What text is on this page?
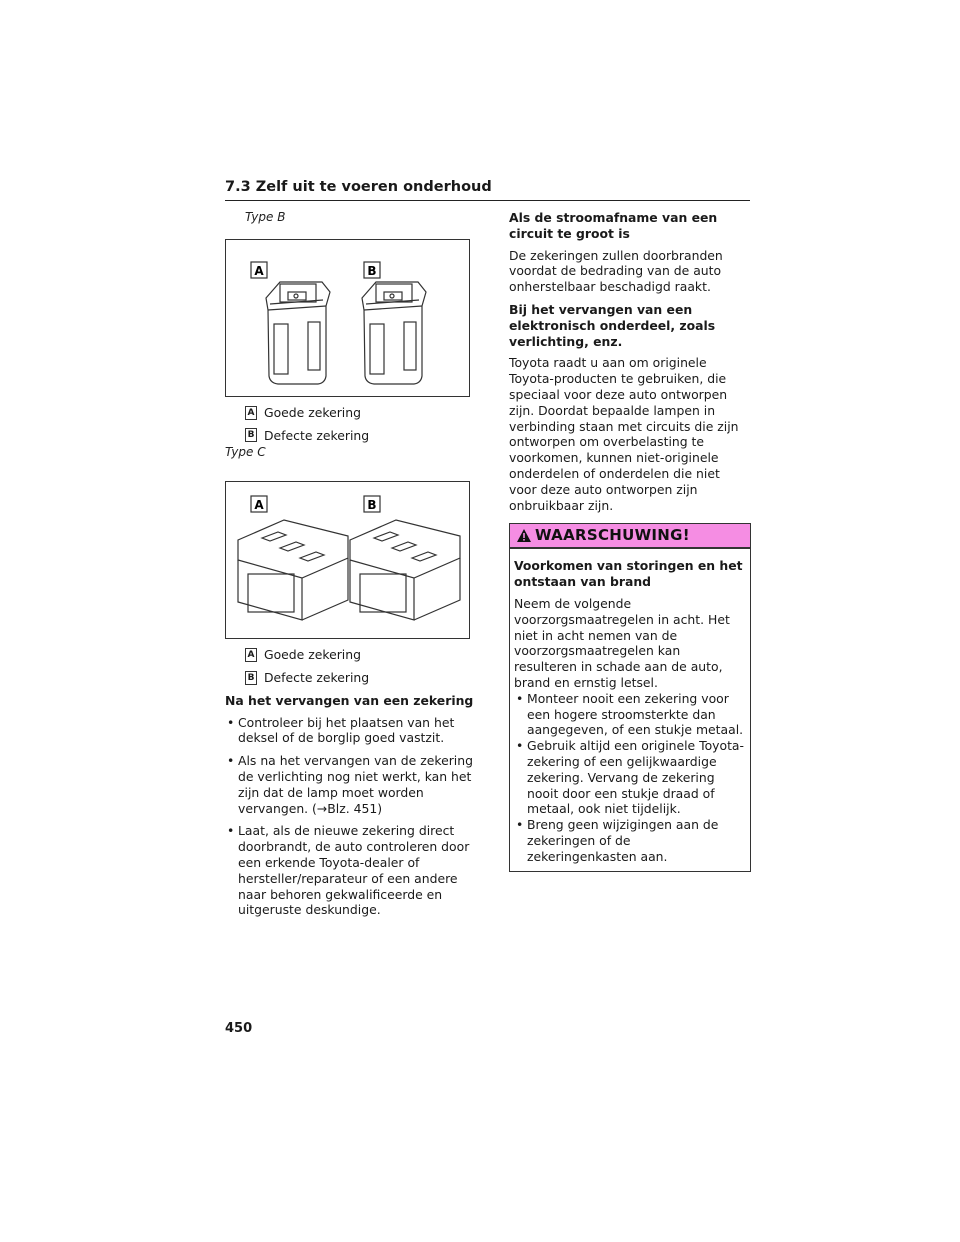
7.3 Zelf uit te voeren onderhoud
Type B
A	B
A Goede zekering
B Defecte zekering
Type C
A	B
A Goede zekering
B Defecte zekering
Na het vervangen van een zekering
• Controleer bij het plaatsen van het deksel of de borglip goed vastzit.
• Als na het vervangen van de zekering de verlichting nog niet werkt, kan het zijn dat de lamp moet worden vervangen. (→Blz. 451)
• Laat, als de nieuwe zekering direct doorbrandt, de auto controleren door een erkende Toyota-dealer of hersteller/reparateur of een andere naar behoren gekwalificeerde en uitgeruste deskundige.
Als de stroomafname van een circuit te groot is

De zekeringen zullen doorbranden voordat de bedrading van de auto onherstelbaar beschadigd raakt.

Bij het vervangen van een elektronisch onderdeel, zoals verlichting, enz.

Toyota raadt u aan om originele Toyota-producten te gebruiken, die speciaal voor deze auto ontworpen zijn. Doordat bepaalde lampen in verbinding staan met circuits die zijn ontworpen om overbelasting te voorkomen, kunnen niet-originele onderdelen of onderdelen die niet voor deze auto ontworpen zijn onbruikbaar zijn.

WAARSCHUWING!
Voorkomen van storingen en het ontstaan van brand

Neem de volgende voorzorgsmaatregelen in acht. Het niet in acht nemen van de voorzorgsmaatregelen kan resulteren in schade aan de auto, brand en ernstig letsel.

• Monteer nooit een zekering voor een hogere stroomsterkte dan aangegeven, of een stukje metaal.
• Gebruik altijd een originele Toyota-zekering of een gelijkwaardige zekering. Vervang de zekering nooit door een stukje draad of metaal, ook niet tijdelijk.
• Breng geen wijzigingen aan de zekeringen of de zekeringenkasten aan.
450
